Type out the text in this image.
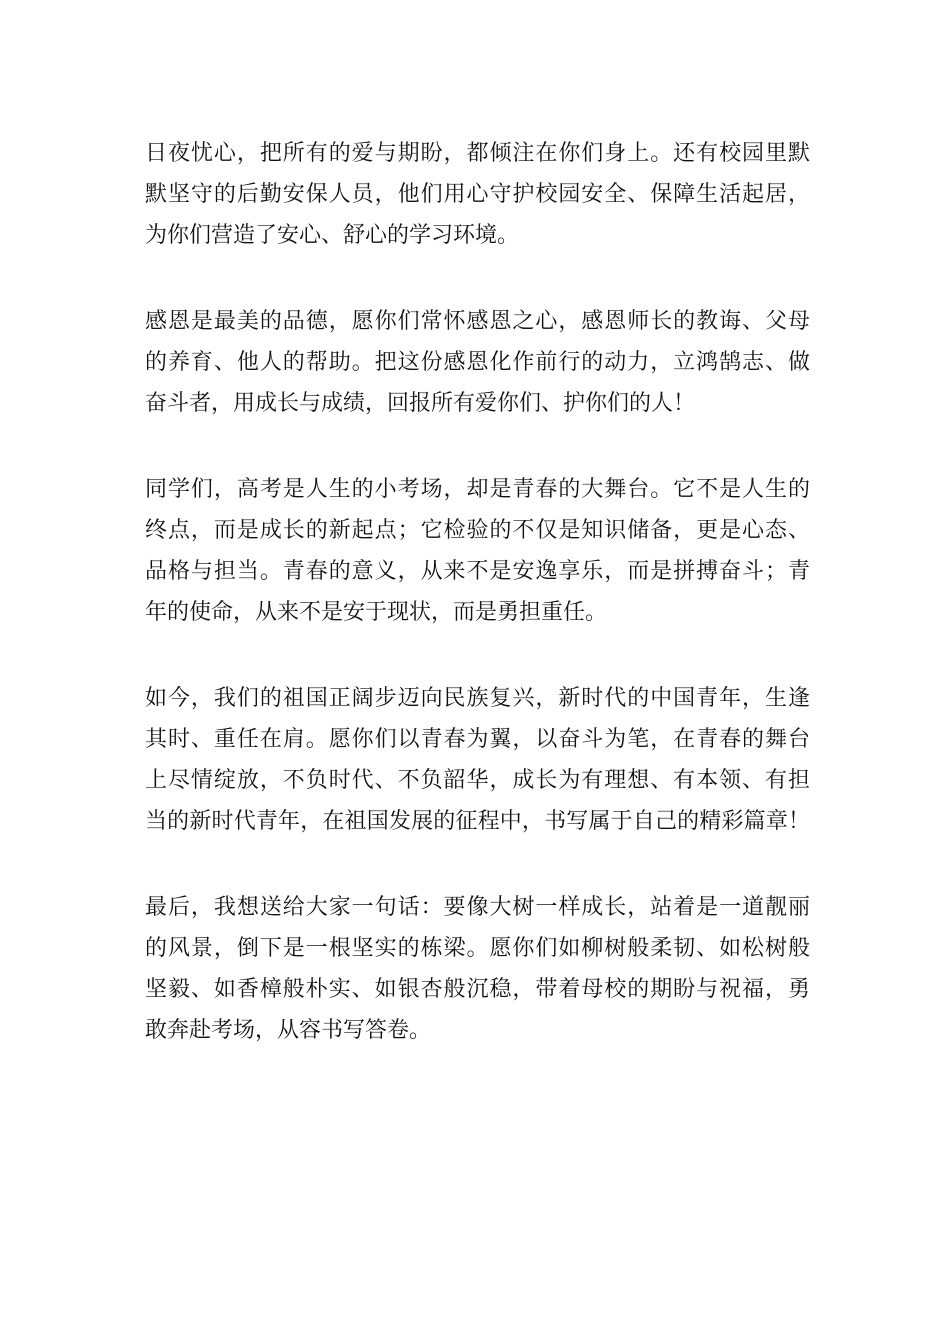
日夜忧心，把所有的爱与期盼，都倾注在你们身上。还有校园里默
默坚守的后勤安保人员，他们用心守护校园安全、保障生活起居，
为你们营造了安心、舒心的学习环境。

感恩是最美的品德，愿你们常怀感恩之心，感恩师长的教诲、父母
的养育、他人的帮助。把这份感恩化作前行的动力，立鸿鹄志、做
奋斗者，用成长与成绩，回报所有爱你们、护你们的人！

同学们，高考是人生的小考场，却是青春的大舞台。它不是人生的
终点，而是成长的新起点；它检验的不仅是知识储备，更是心态、
品格与担当。青春的意义，从来不是安逸享乐，而是拼搏奋斗；青
年的使命，从来不是安于现状，而是勇担重任。

如今，我们的祖国正阔步迈向民族复兴，新时代的中国青年，生逢
其时、重任在肩。愿你们以青春为翼，以奋斗为笔，在青春的舞台
上尽情绽放，不负时代、不负韶华，成长为有理想、有本领、有担
当的新时代青年，在祖国发展的征程中，书写属于自己的精彩篇章！

最后，我想送给大家一句话：要像大树一样成长，站着是一道靓丽
的风景，倒下是一根坚实的栋梁。愿你们如柳树般柔韧、如松树般
坚毅、如香樟般朴实、如银杏般沉稳，带着母校的期盼与祝福，勇
敢奔赴考场，从容书写答卷。
